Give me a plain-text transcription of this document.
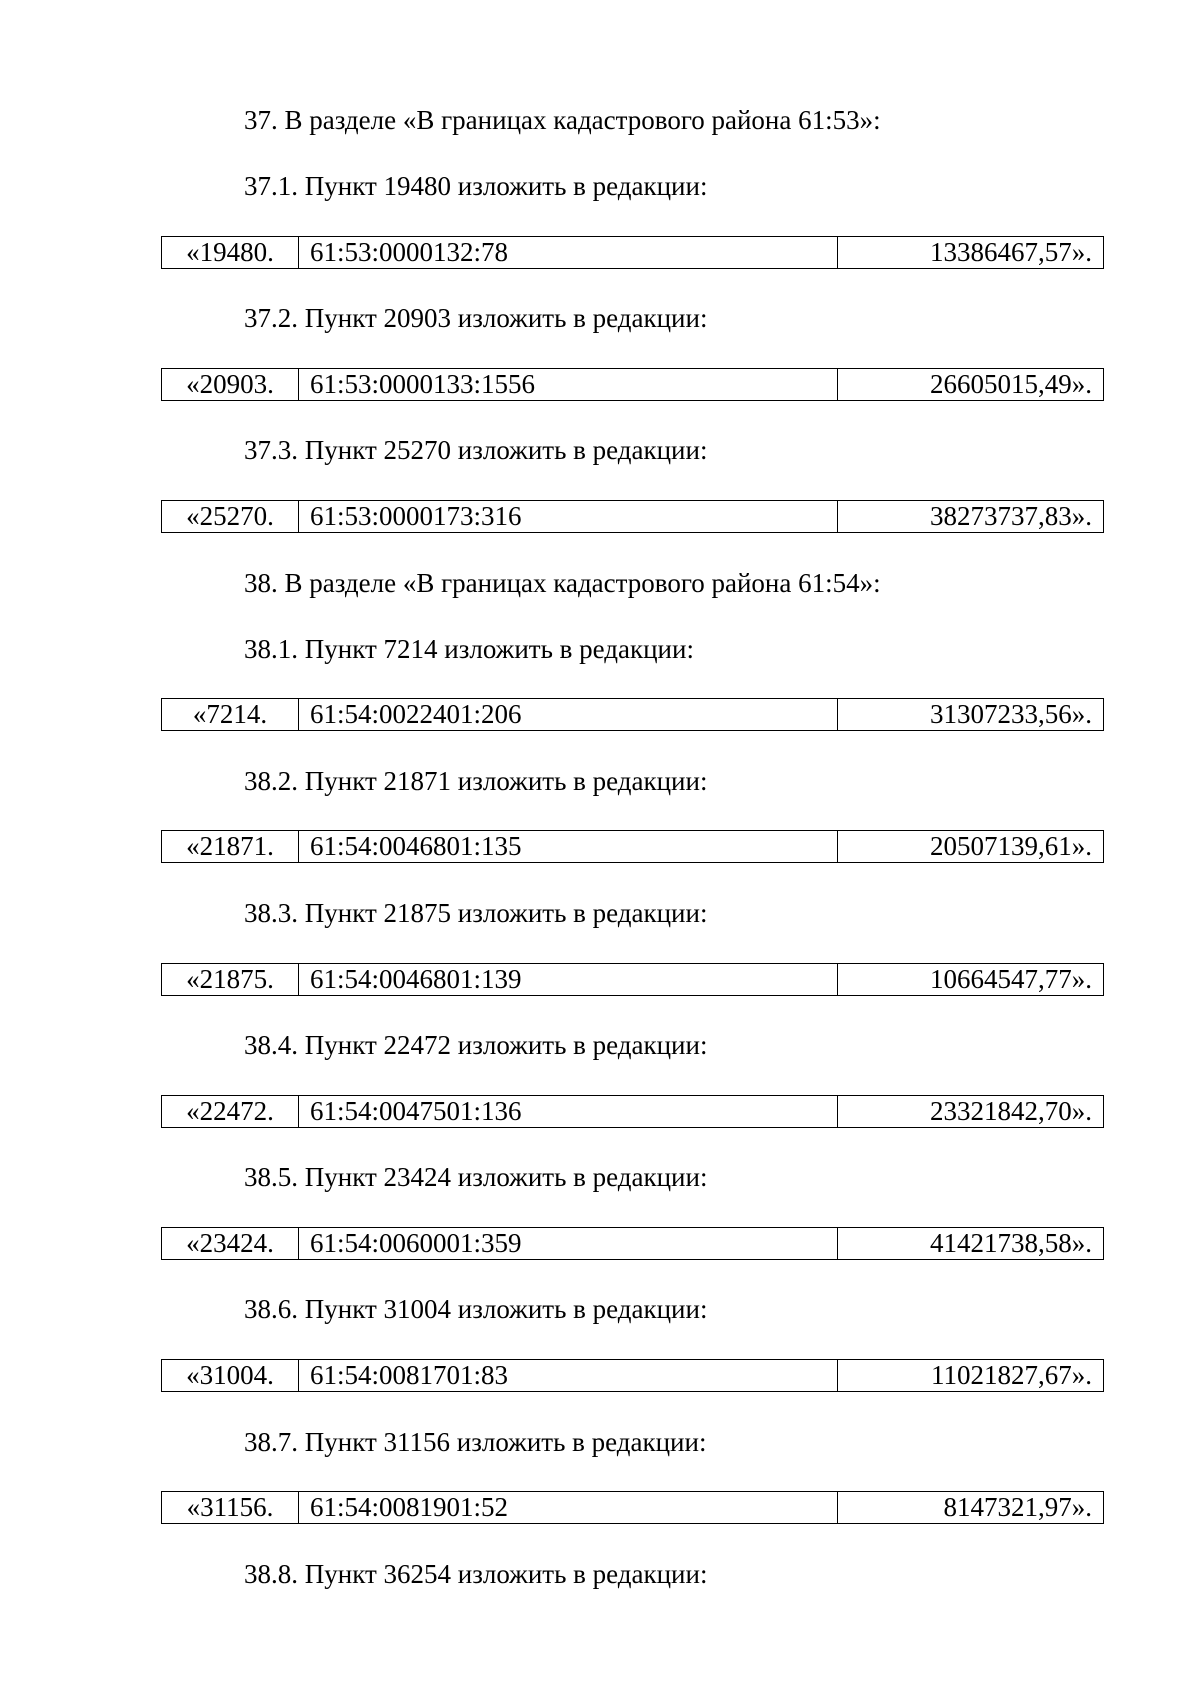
37. В разделе «В границах кадастрового района 61:53»:

37.1. Пункт 19480 изложить в редакции:

«19480.	61:53:0000132:78	13386467,57».

37.2. Пункт 20903 изложить в редакции:

«20903.	61:53:0000133:1556	26605015,49».

37.3. Пункт 25270 изложить в редакции:

«25270.	61:53:0000173:316	38273737,83».

38. В разделе «В границах кадастрового района 61:54»:

38.1. Пункт 7214 изложить в редакции:

«7214.	61:54:0022401:206	31307233,56».

38.2. Пункт 21871 изложить в редакции:

«21871.	61:54:0046801:135	20507139,61».

38.3. Пункт 21875 изложить в редакции:

«21875.	61:54:0046801:139	10664547,77».

38.4. Пункт 22472 изложить в редакции:

«22472.	61:54:0047501:136	23321842,70».

38.5. Пункт 23424 изложить в редакции:

«23424.	61:54:0060001:359	41421738,58».

38.6. Пункт 31004 изложить в редакции:

«31004.	61:54:0081701:83	11021827,67».

38.7. Пункт 31156 изложить в редакции:

«31156.	61:54:0081901:52	8147321,97».

38.8. Пункт 36254 изложить в редакции:
